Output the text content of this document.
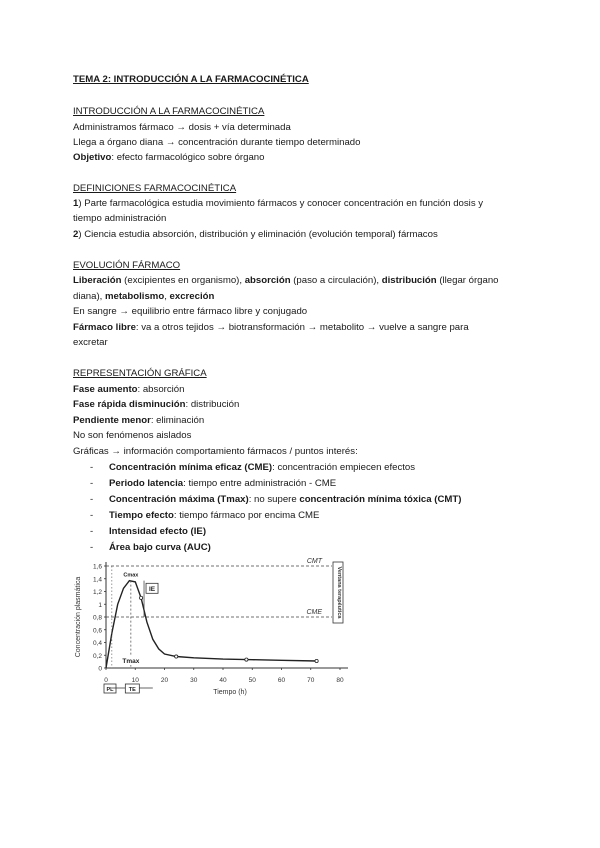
TEMA 2: INTRODUCCIÓN A LA FARMACOCINÉTICA
INTRODUCCIÓN A LA FARMACOCINÉTICA
Administramos fármaco → dosis + vía determinada
Llega a órgano diana → concentración durante tiempo determinado
Objetivo: efecto farmacológico sobre órgano
DEFINICIONES FARMACOCINÉTICA
1) Parte farmacológica estudia movimiento fármacos y conocer concentración en función dosis y
tiempo administración
2) Ciencia estudia absorción, distribución y eliminación (evolución temporal) fármacos
EVOLUCIÓN FÁRMACO
Liberación (excipientes en organismo), absorción (paso a circulación), distribución (llegar órgano
diana), metabolismo, excreción
En sangre → equilibrio entre fármaco libre y conjugado
Fármaco libre: va a otros tejidos → biotransformación → metabolito → vuelve a sangre para
excretar
REPRESENTACIÓN GRÁFICA
Fase aumento: absorción
Fase rápida disminución: distribución
Pendiente menor: eliminación
No son fenómenos aislados
Gráficas → información comportamiento fármacos / puntos interés:
- Concentración mínima eficaz (CME): concentración empiecen efectos
- Periodo latencia: tiempo entre administración - CME
- Concentración máxima (Tmax): no supere concentración mínima tóxica (CMT)
- Tiempo efecto: tiempo fármaco por encima CME
- Intensidad efecto (IE)
- Área bajo curva (AUC)
0
0,2
0,4
0,6
0,8
1
1,2
1,4
1,6
0	10	20	30	40	50	60	70	80
Tiempo (h)
Concentración plasmática
CMT
CME	Ventana terapéutica
Cmax
IE
Tmax
PL	TE
